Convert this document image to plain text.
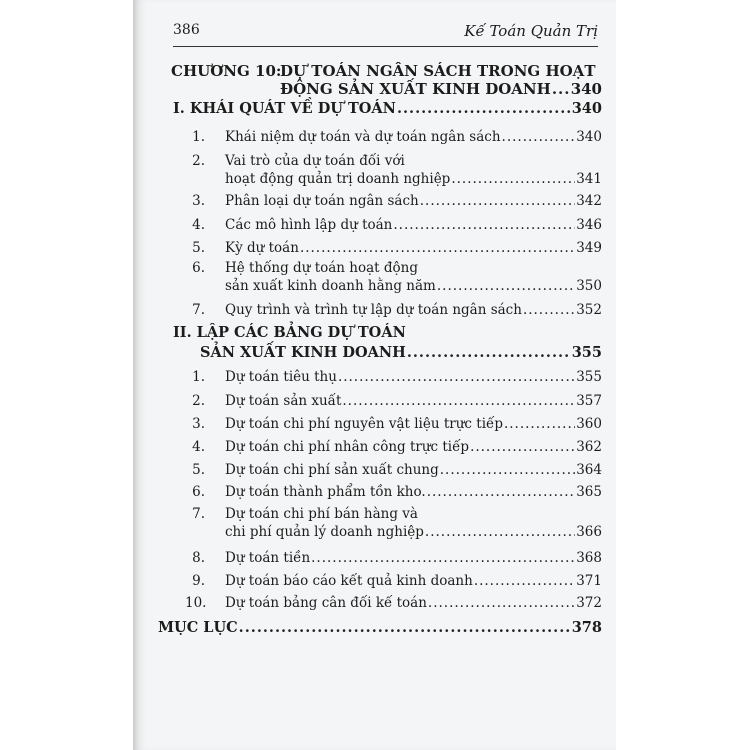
386	Kế Toán Quản Trị
CHƯƠNG 10:
DỰ TOÁN NGÂN SÁCH TRONG HOẠT
ĐỘNG SẢN XUẤT KINH DOANH ..... 340
I. KHÁI QUÁT VỀ DỰ TOÁN .....	340
1. Khái niệm dự toán và dự toán ngân sách .....	340
2. Vai trò của dự toán đối với
hoạt động quản trị doanh nghiệp .....	341
3. Phân loại dự toán ngân sách .....	342
4. Các mô hình lập dự toán .....	346
5. Kỳ dự toán .....	349
6. Hệ thống dự toán hoạt động
sản xuất kinh doanh hằng năm .....	350
7. Quy trình và trình tự lập dự toán ngân sách .....	352
II. LẬP CÁC BẢNG DỰ TOÁN
SẢN XUẤT KINH DOANH .....	355
1. Dự toán tiêu thụ .....	355
2. Dự toán sản xuất .....	357
3. Dự toán chi phí nguyên vật liệu trực tiếp .....	360
4. Dự toán chi phí nhân công trực tiếp .....	362
5. Dự toán chi phí sản xuất chung .....	364
6. Dự toán thành phẩm tồn kho. .....	365
7. Dự toán chi phí bán hàng và
chi phí quản lý doanh nghiệp .....	366
8. Dự toán tiền .....	368
9. Dự toán báo cáo kết quả kinh doanh .....	371
10. Dự toán bảng cân đối kế toán .....	372
MỤC LỤC .....	378
